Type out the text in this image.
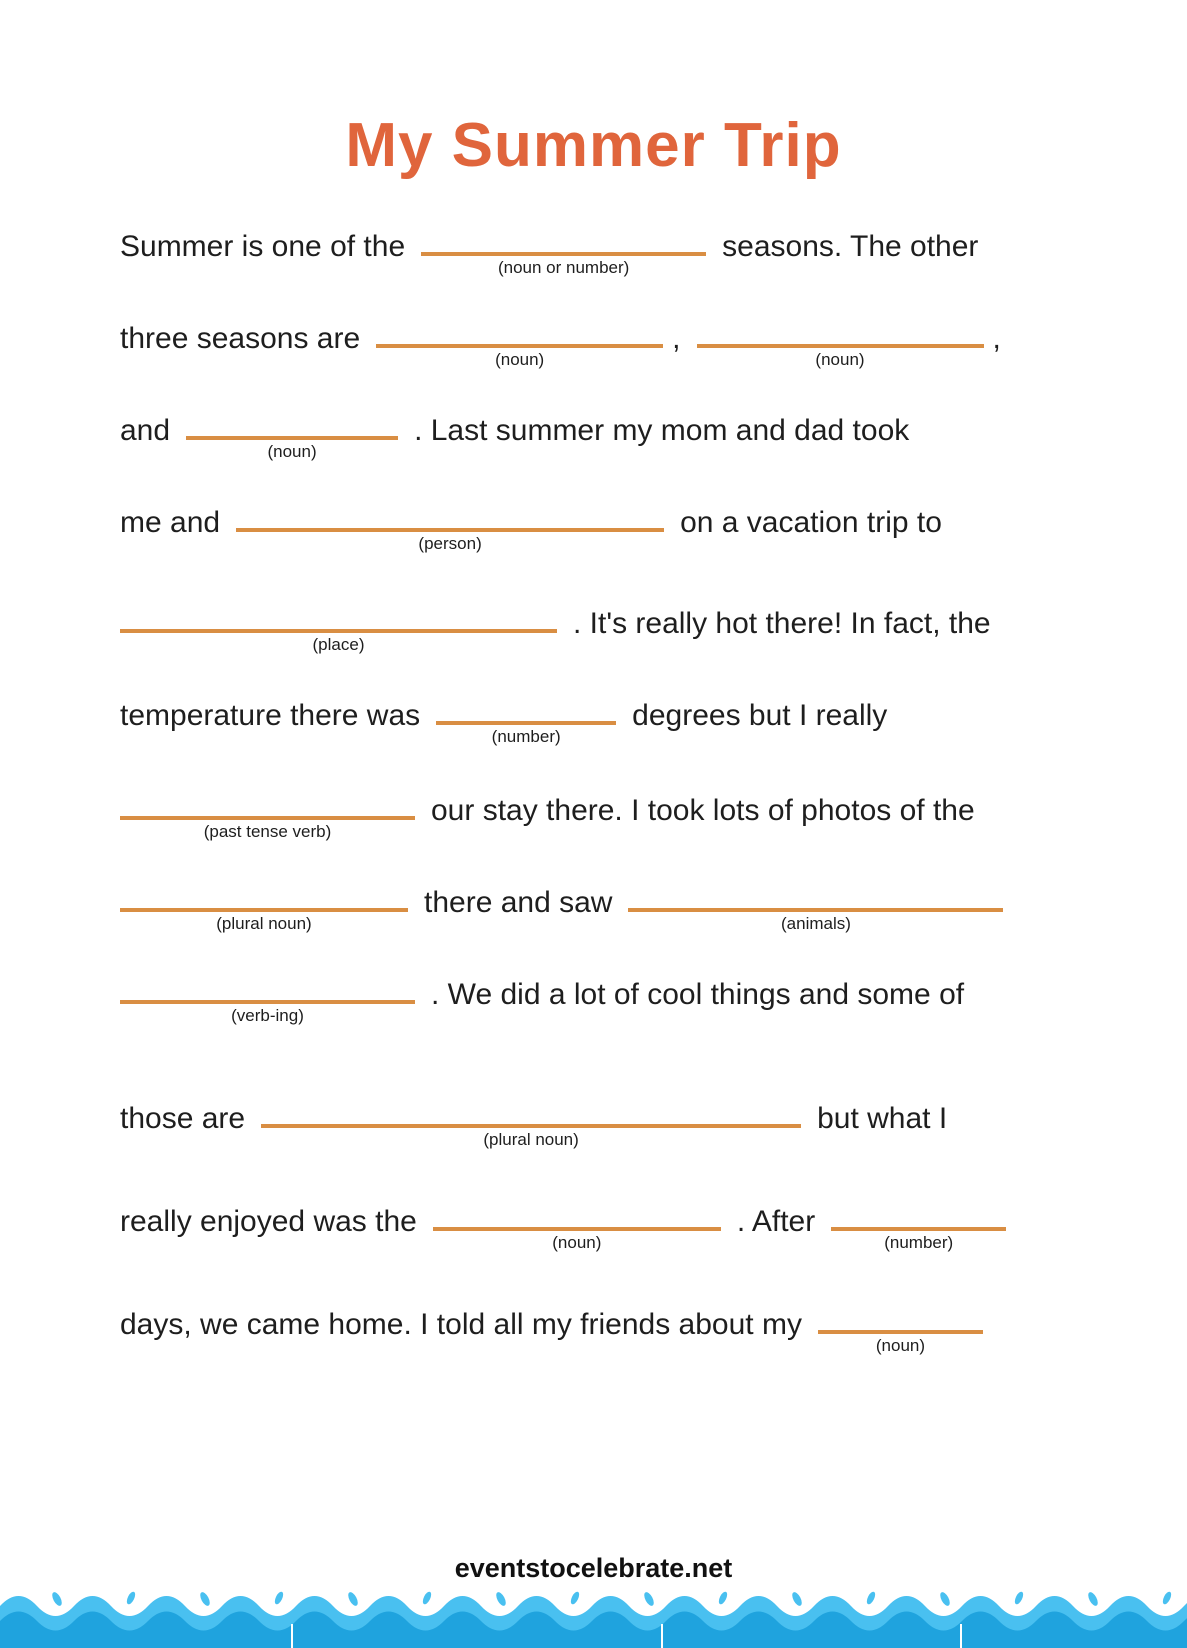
My Summer Trip
Summer is one of the
(noun or number)
seasons. The other
three seasons are
(noun)
,
(noun)
,
and
(noun)
. Last summer my mom and dad took
me and
(person)
on a vacation trip to
(place)
. It's really hot there! In fact, the
temperature there was
(number)
degrees but I really
(past tense verb)
our stay there. I took lots of photos of the
(plural noun)
there and saw
(animals)
(verb-ing)
. We did a lot of cool things and some of
those are
(plural noun)
but what I
really enjoyed was the
(noun)
. After
(number)
days, we came home. I told all my friends about my
(noun)
eventstocelebrate.net
